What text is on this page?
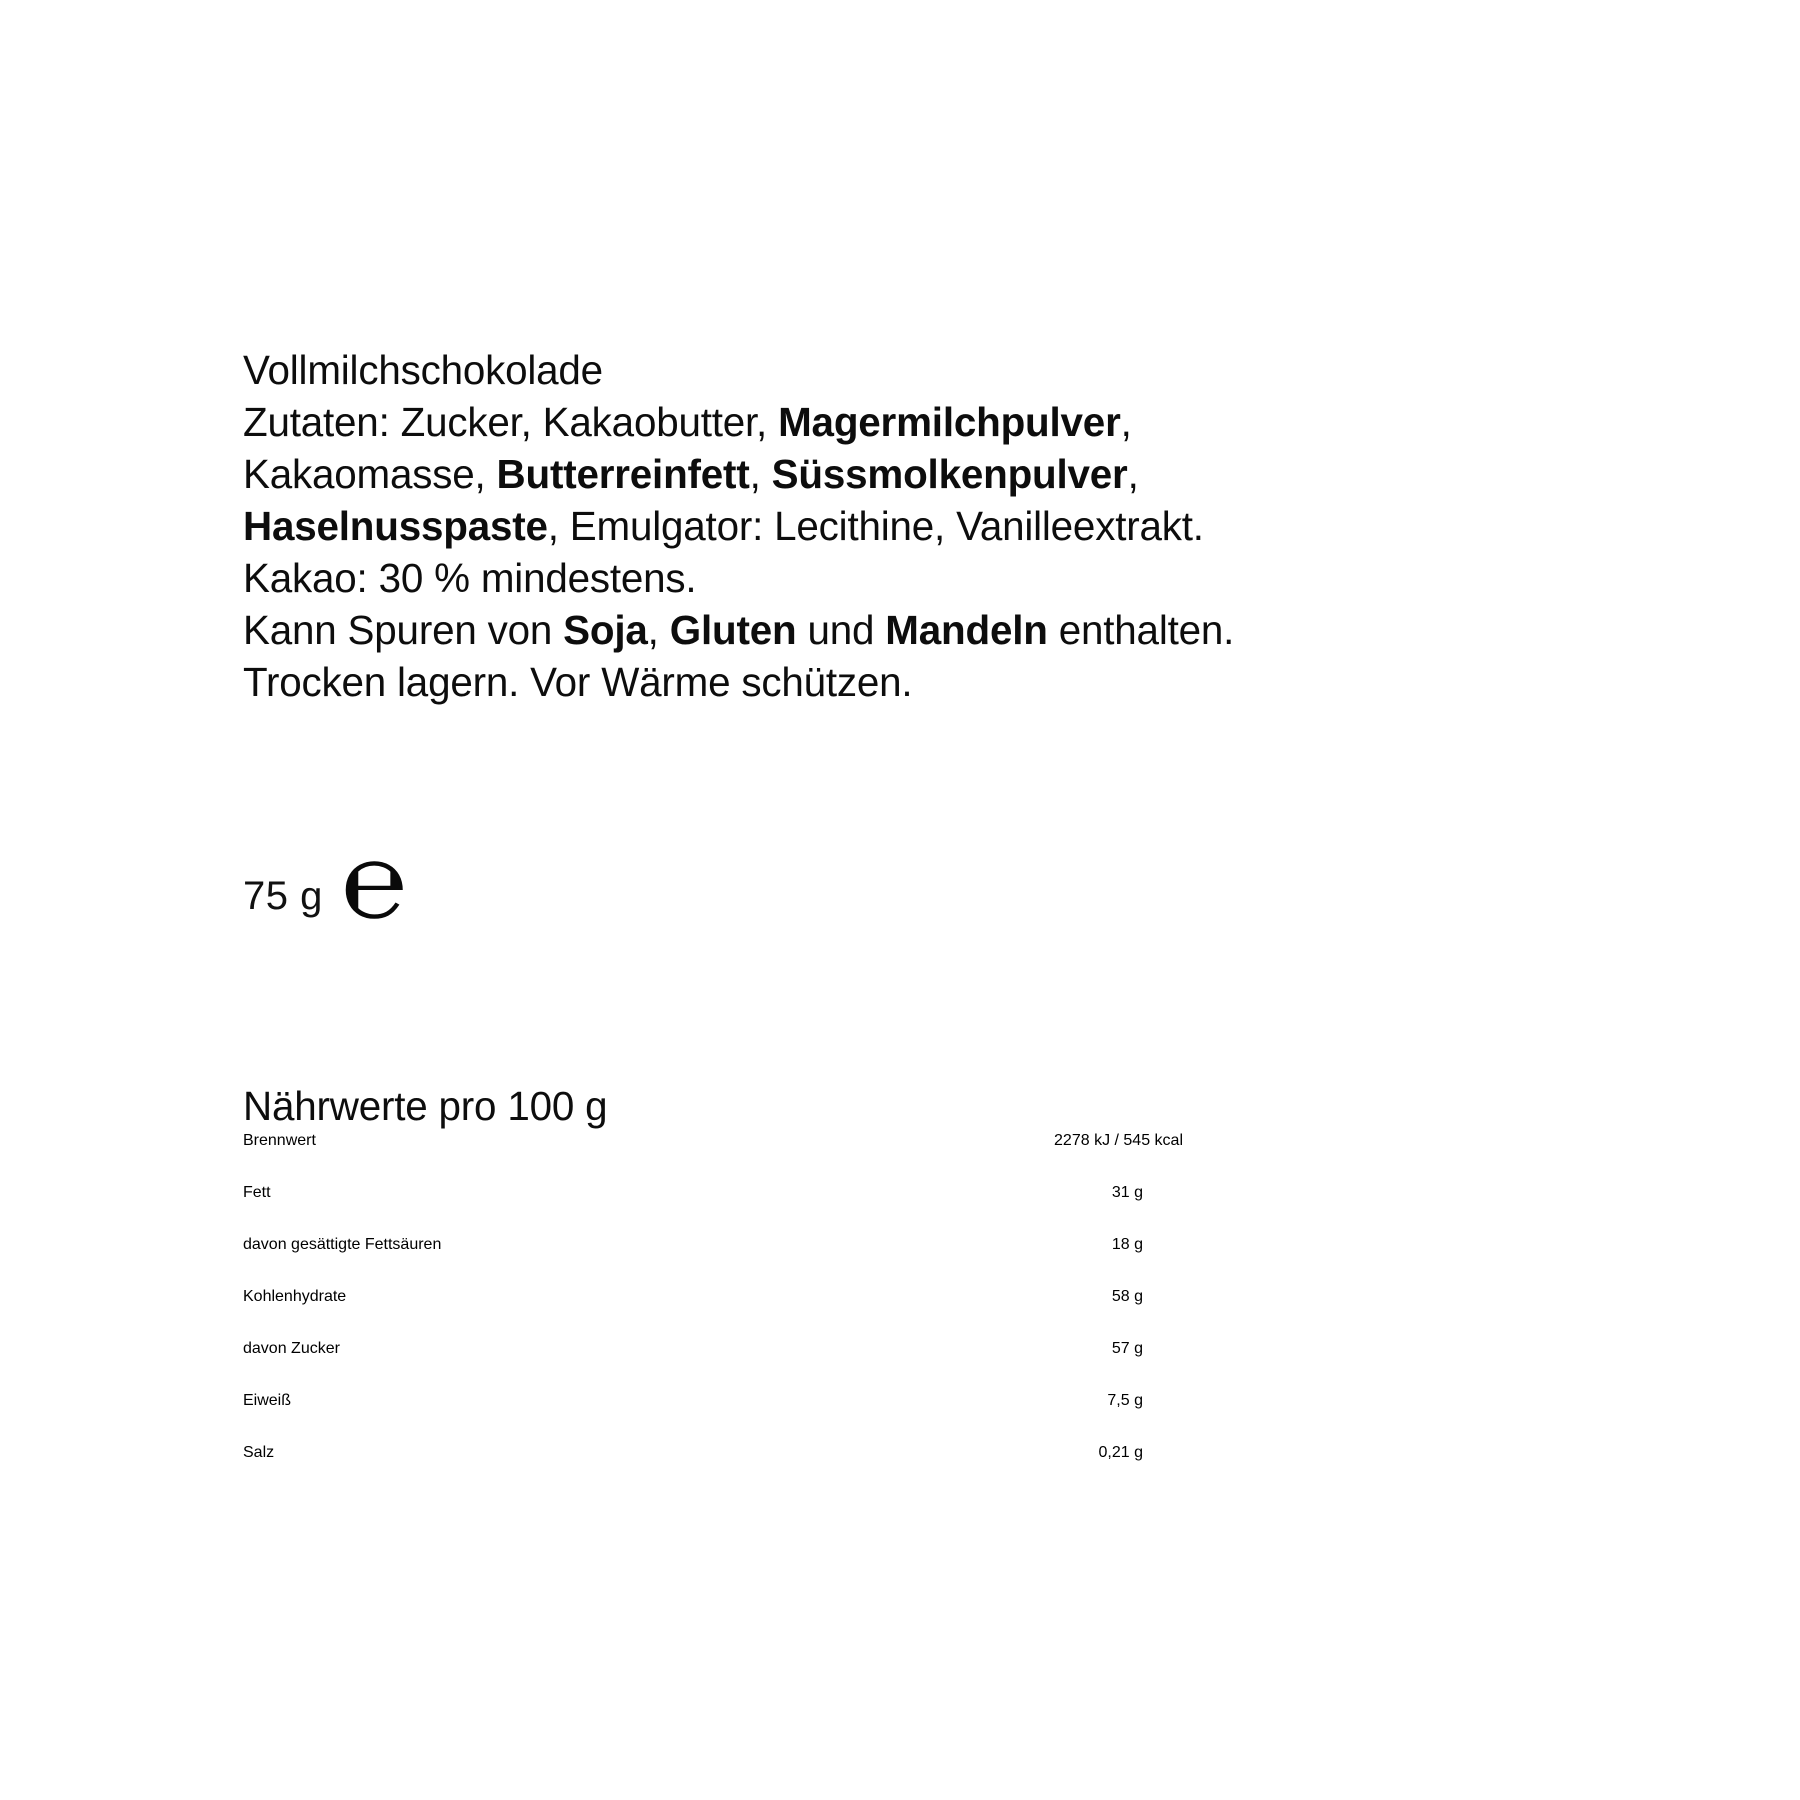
Vollmilchschokolade
Zutaten: Zucker, Kakaobutter, Magermilchpulver,
Kakaomasse, Butterreinfett, Süssmolkenpulver,
Haselnusspaste, Emulgator: Lecithine, Vanilleextrakt.
Kakao: 30 % mindestens.
Kann Spuren von Soja, Gluten und Mandeln enthalten.
Trocken lagern. Vor Wärme schützen.
75 g ℮
Nährwerte pro 100 g
Brennwert	2278 kJ / 545 kcal
Fett	31 g
davon gesättigte Fettsäuren	18 g
Kohlenhydrate	58 g
davon Zucker	57 g
Eiweiß	7,5 g
Salz	0,21 g
